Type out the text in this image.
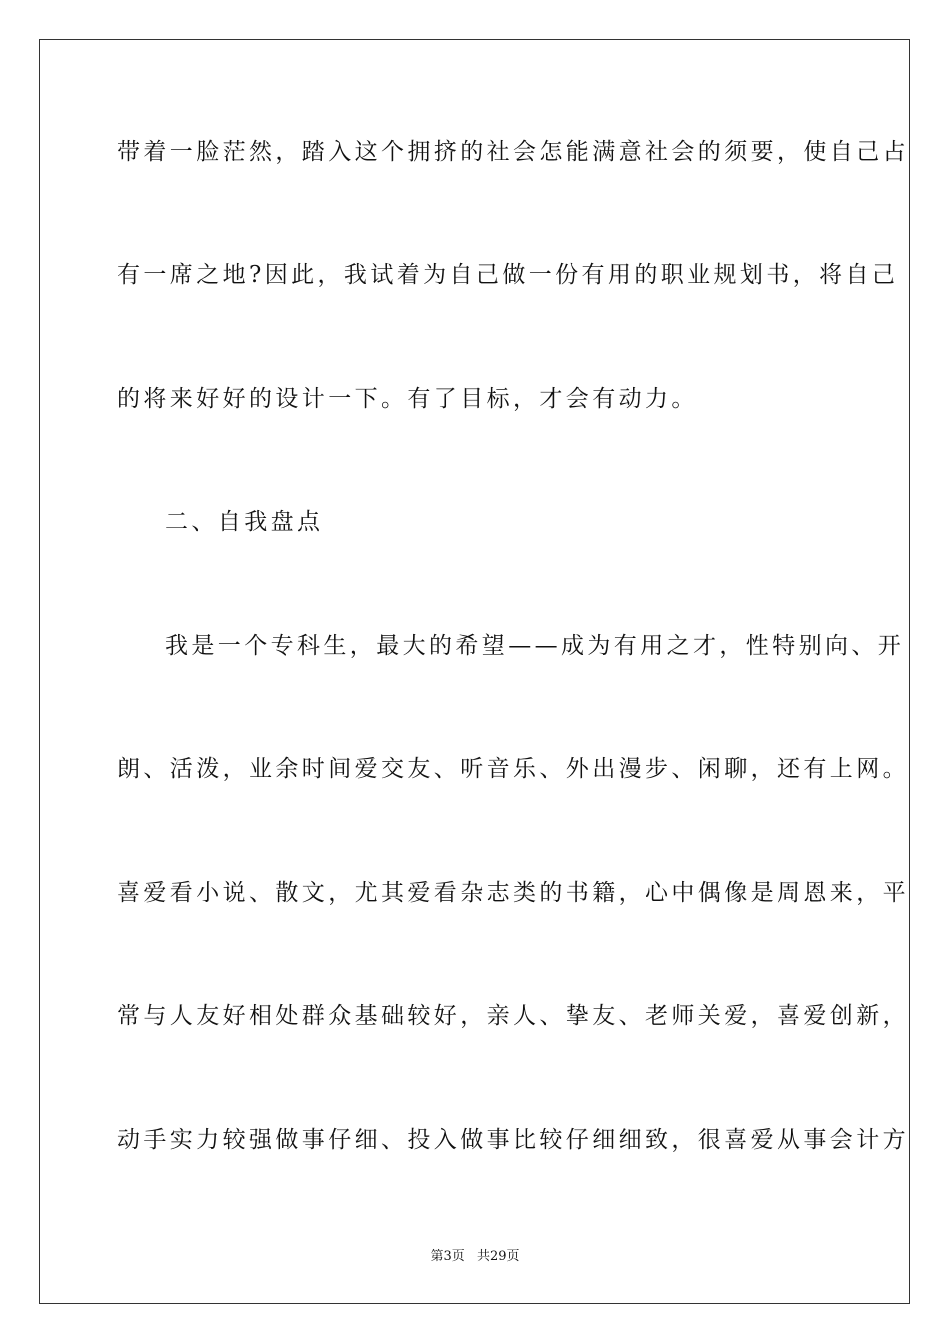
带着一脸茫然，踏入这个拥挤的社会怎能满意社会的须要，使自己占
有一席之地?因此，我试着为自己做一份有用的职业规划书，将自己
的将来好好的设计一下。有了目标，才会有动力。
二、自我盘点
我是一个专科生，最大的希望——成为有用之才，性特别向、开
朗、活泼，业余时间爱交友、听音乐、外出漫步、闲聊，还有上网。
喜爱看小说、散文，尤其爱看杂志类的书籍，心中偶像是周恩来，平
常与人友好相处群众基础较好，亲人、挚友、老师关爱，喜爱创新，
动手实力较强做事仔细、投入做事比较仔细细致，很喜爱从事会计方
第3页 共29页
